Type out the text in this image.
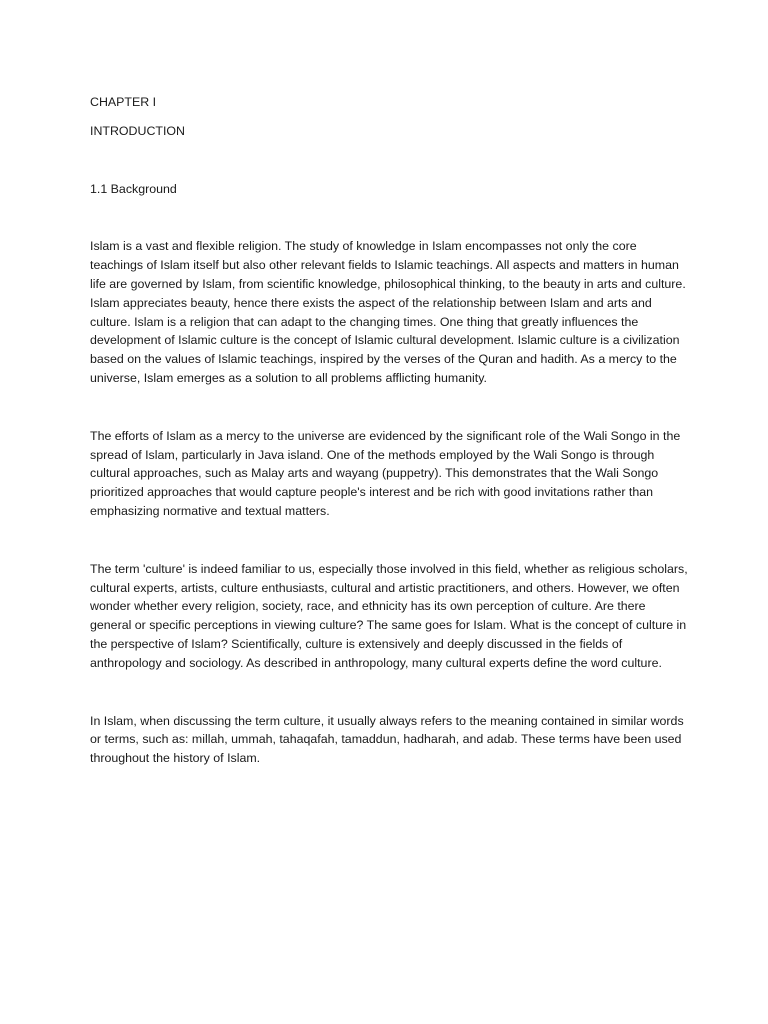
CHAPTER I

INTRODUCTION

1.1 Background

Islam is a vast and flexible religion. The study of knowledge in Islam encompasses not only the core teachings of Islam itself but also other relevant fields to Islamic teachings. All aspects and matters in human life are governed by Islam, from scientific knowledge, philosophical thinking, to the beauty in arts and culture. Islam appreciates beauty, hence there exists the aspect of the relationship between Islam and arts and culture. Islam is a religion that can adapt to the changing times. One thing that greatly influences the development of Islamic culture is the concept of Islamic cultural development. Islamic culture is a civilization based on the values of Islamic teachings, inspired by the verses of the Quran and hadith. As a mercy to the universe, Islam emerges as a solution to all problems afflicting humanity.

The efforts of Islam as a mercy to the universe are evidenced by the significant role of the Wali Songo in the spread of Islam, particularly in Java island. One of the methods employed by the Wali Songo is through cultural approaches, such as Malay arts and wayang (puppetry). This demonstrates that the Wali Songo prioritized approaches that would capture people's interest and be rich with good invitations rather than emphasizing normative and textual matters.

The term 'culture' is indeed familiar to us, especially those involved in this field, whether as religious scholars, cultural experts, artists, culture enthusiasts, cultural and artistic practitioners, and others. However, we often wonder whether every religion, society, race, and ethnicity has its own perception of culture. Are there general or specific perceptions in viewing culture? The same goes for Islam. What is the concept of culture in the perspective of Islam? Scientifically, culture is extensively and deeply discussed in the fields of anthropology and sociology. As described in anthropology, many cultural experts define the word culture.

In Islam, when discussing the term culture, it usually always refers to the meaning contained in similar words or terms, such as: millah, ummah, tahaqafah, tamaddun, hadharah, and adab. These terms have been used throughout the history of Islam.
